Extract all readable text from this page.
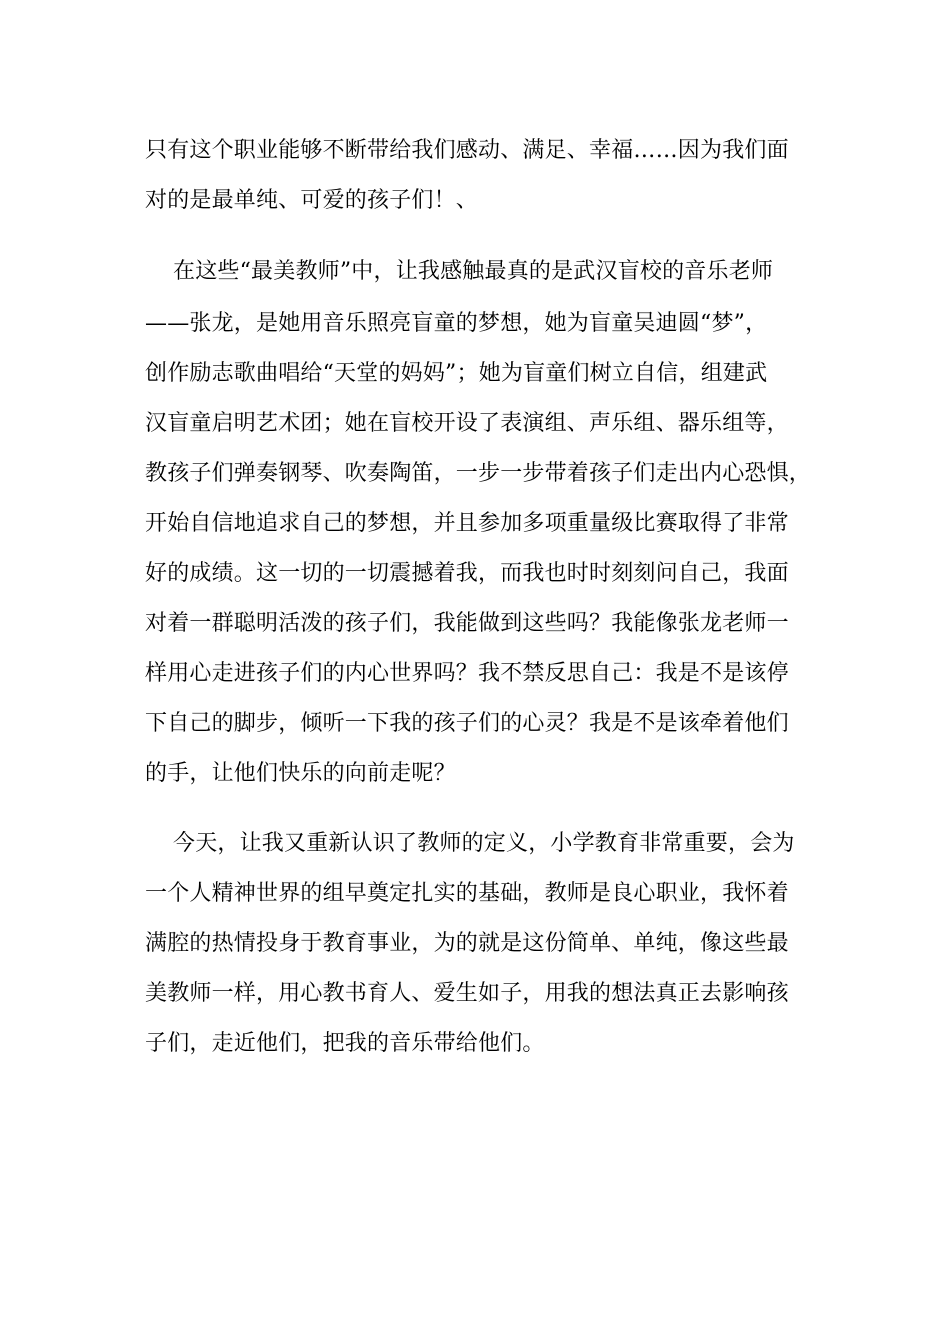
只有这个职业能够不断带给我们感动、满足、幸福……因为我们面
对的是最单纯、可爱的孩子们！、
在这些“最美教师”中，让我感触最真的是武汉盲校的音乐老师
——张龙，是她用音乐照亮盲童的梦想，她为盲童吴迪圆“梦”，
创作励志歌曲唱给“天堂的妈妈”；她为盲童们树立自信，组建武
汉盲童启明艺术团；她在盲校开设了表演组、声乐组、器乐组等，
教孩子们弹奏钢琴、吹奏陶笛，一步一步带着孩子们走出内心恐惧，
开始自信地追求自己的梦想，并且参加多项重量级比赛取得了非常
好的成绩。这一切的一切震撼着我，而我也时时刻刻问自己，我面
对着一群聪明活泼的孩子们，我能做到这些吗？我能像张龙老师一
样用心走进孩子们的内心世界吗？我不禁反思自己：我是不是该停
下自己的脚步，倾听一下我的孩子们的心灵？我是不是该牵着他们
的手，让他们快乐的向前走呢？
今天，让我又重新认识了教师的定义，小学教育非常重要，会为
一个人精神世界的组早奠定扎实的基础，教师是良心职业，我怀着
满腔的热情投身于教育事业，为的就是这份简单、单纯，像这些最
美教师一样，用心教书育人、爱生如子，用我的想法真正去影响孩
子们，走近他们，把我的音乐带给他们。
